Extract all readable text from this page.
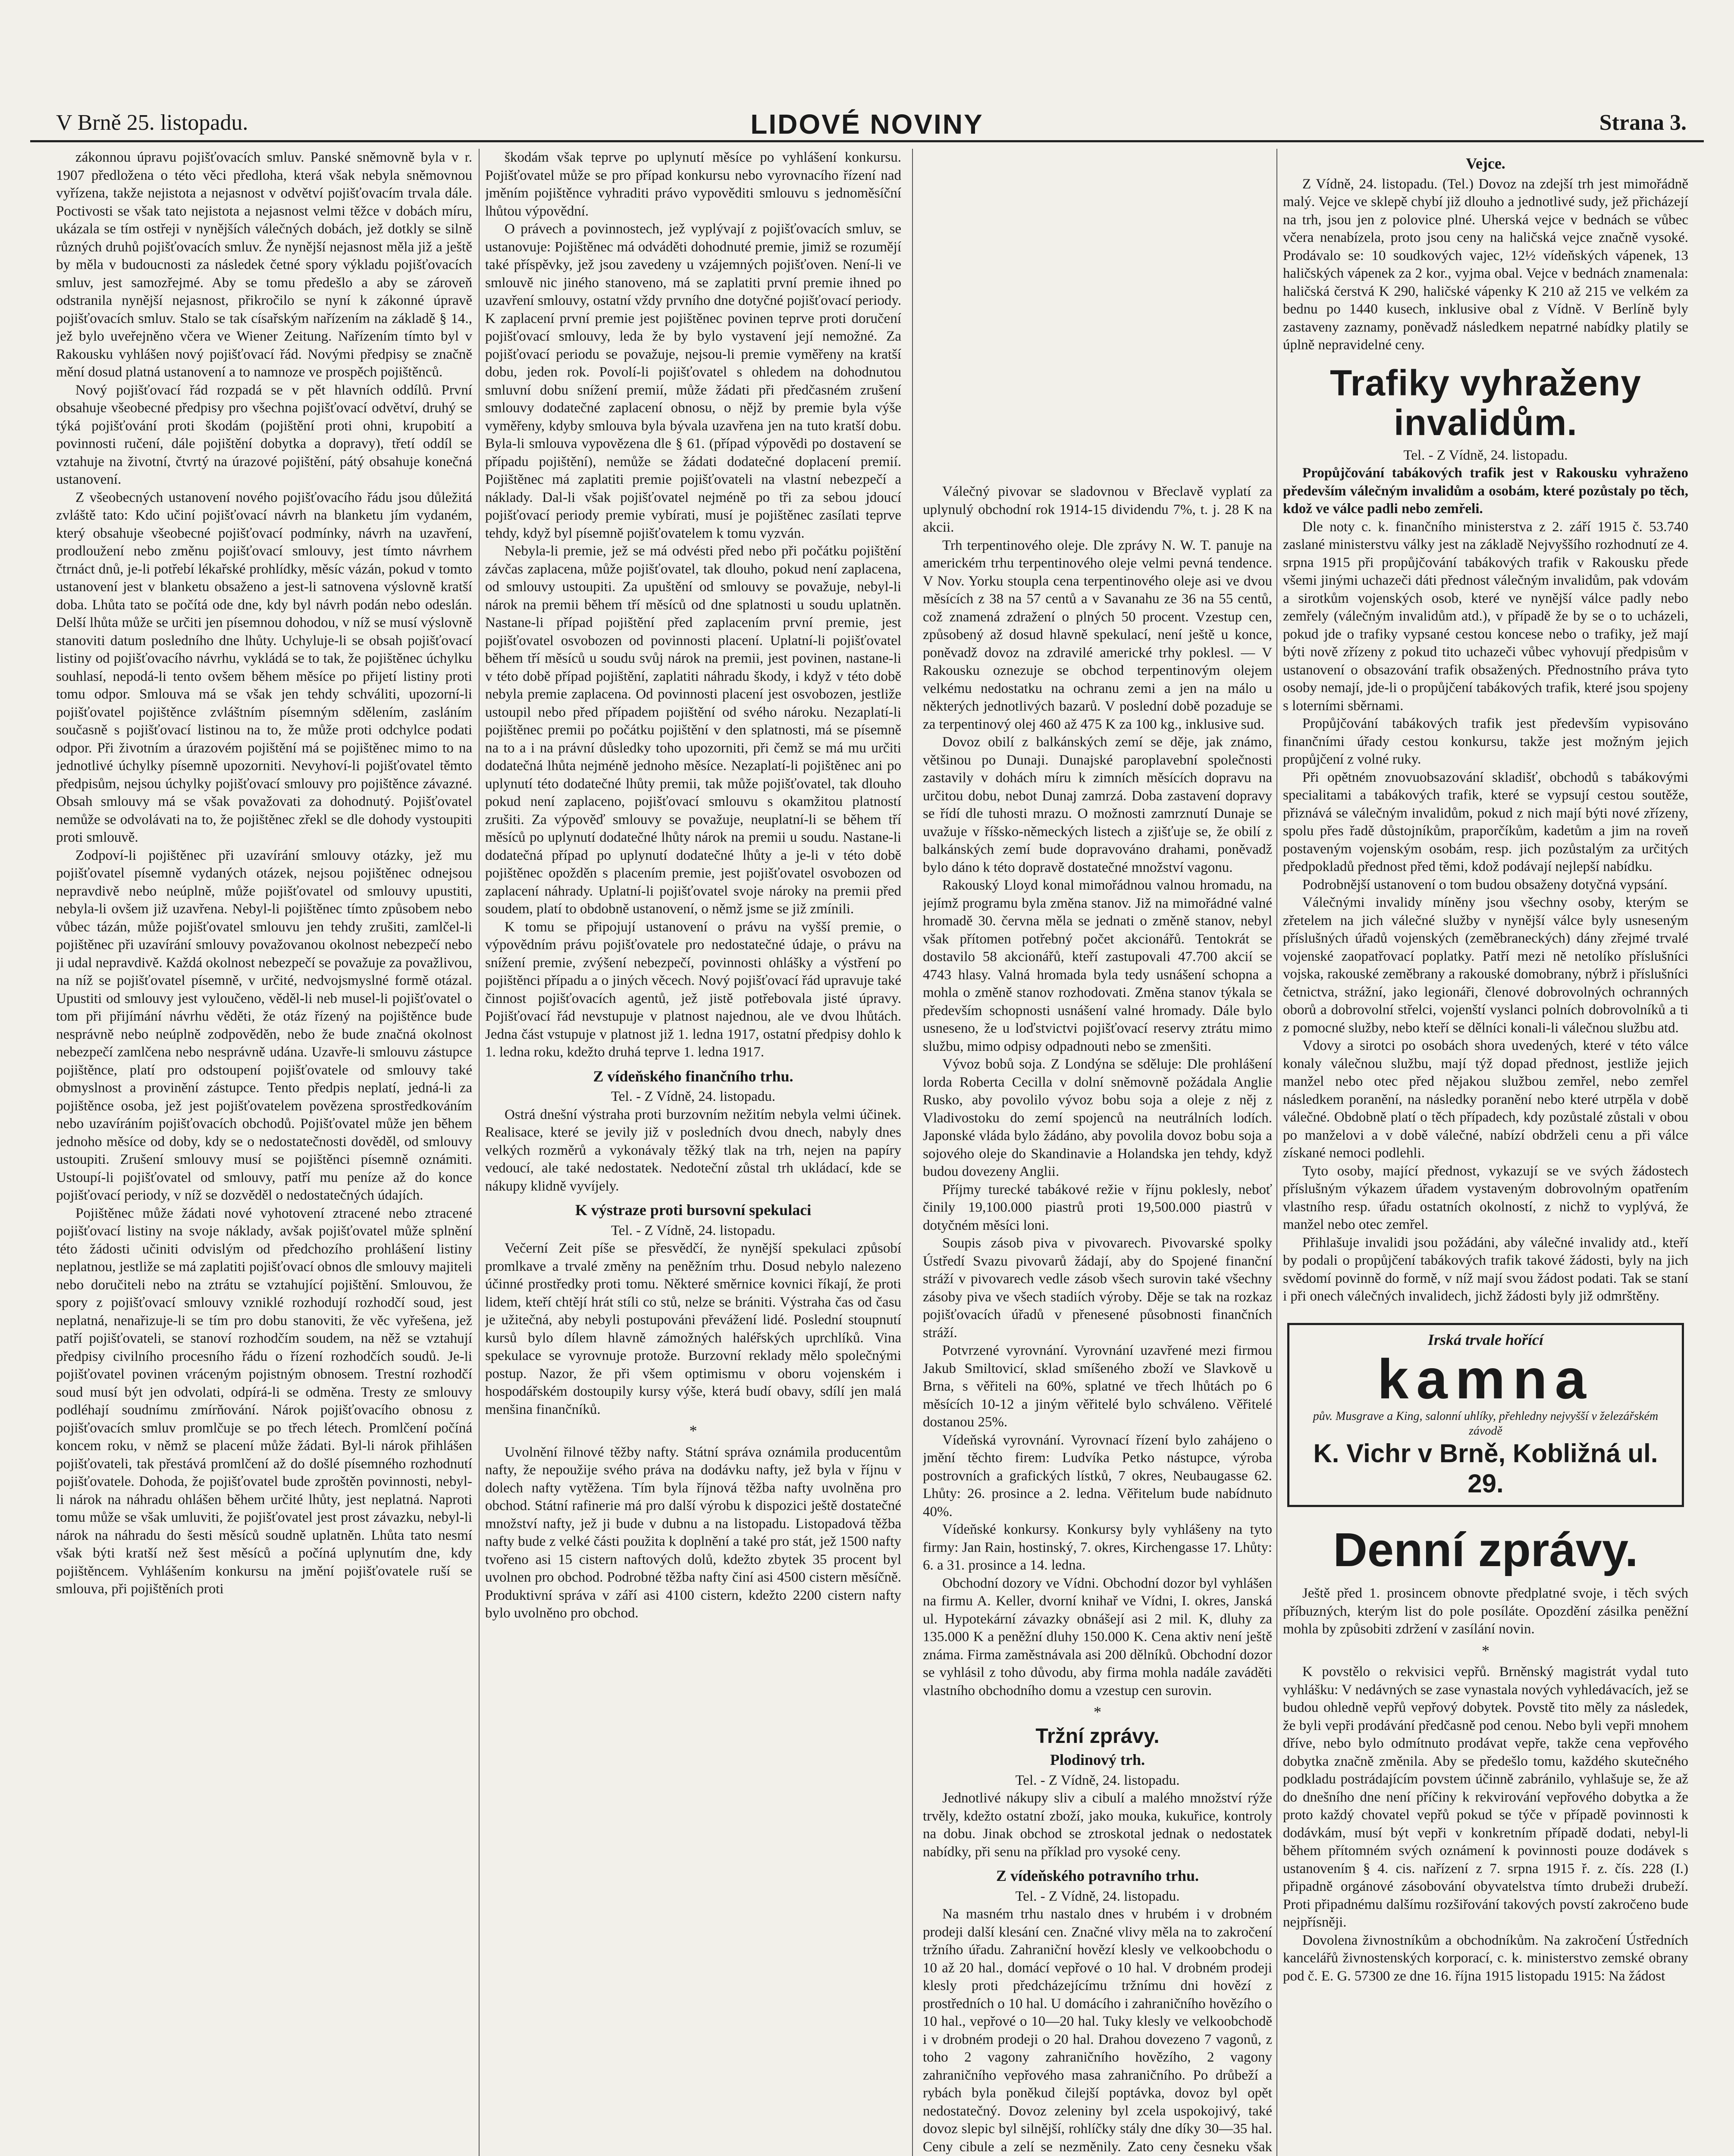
V Brně 25. listopadu.	LIDOVÉ NOVINY	Strana 3.

zákonnou úpravu pojišťovacích smluv. Panské sněmovně byla v r. 1907 předložena o této věci předloha, která však nebyla sněmovnou vyřízena, takže nejistota a nejasnost v odvětví pojišťovacím trvala dále. Poctivosti se však tato nejistota a nejasnost velmi těžce v dobách míru, ukázala se tím ostřeji v nynějších válečných dobách, jež dotkly se silně různých druhů pojišťovacích smluv. Že nynější nejasnost měla již a ještě by měla v budoucnosti za následek četné spory výkladu pojišťovacích smluv, jest samozřejmé. Aby se tomu předešlo a aby se zároveň odstranila nynější nejasnost, přikročilo se nyní k zákonné úpravě pojišťovacích smluv. Stalo se tak císařským nařízením na základě § 14., jež bylo uveřejněno včera ve Wiener Zeitung. Nařízením tímto byl v Rakousku vyhlášen nový pojišťovací řád. Novými předpisy se značně mění dosud platná ustanovení a to namnoze ve prospěch pojištěnců.

Nový pojišťovací řád rozpadá se v pět hlavních oddílů. První obsahuje všeobecné předpisy pro všechna pojišťovací odvětví, druhý se týká pojišťování proti škodám (pojištění proti ohni, krupobití a povinnosti ručení, dále pojištění dobytka a dopravy), třetí oddíl se vztahuje na životní, čtvrtý na úrazové pojištění, pátý obsahuje konečná ustanovení.

Z všeobecných ustanovení nového pojišťovacího řádu jsou důležitá zvláště tato: Kdo učiní pojišťovací návrh na blanketu jím vydaném, který obsahuje všeobecné pojišťovací podmínky, návrh na uzavření, prodloužení nebo změnu pojišťovací smlouvy, jest tímto návrhem čtrnáct dnů, je-li potřebí lékařské prohlídky, měsíc vázán, pokud v tomto ustanovení jest v blanketu obsaženo a jest-li satnovena výslovně kratší doba. Lhůta tato se počítá ode dne, kdy byl návrh podán nebo odeslán. Delší lhůta může se určiti jen písemnou dohodou, v níž se musí výslovně stanoviti datum posledního dne lhůty. Uchyluje-li se obsah pojišťovací listiny od pojišťovacího návrhu, vykládá se to tak, že pojištěnec úchylku souhlasí, nepodá-li tento ovšem během měsíce po přijetí listiny proti tomu odpor. Smlouva má se však jen tehdy schváliti, upozorní-li pojišťovatel pojištěnce zvláštním písemným sdělením, zasláním současně s pojišťovací listinou na to, že může proti odchylce podati odpor. Při životním a úrazovém pojištění má se pojištěnec mimo to na jednotlivé úchylky písemně upozorniti. Nevyhoví-li pojišťovatel těmto předpisům, nejsou úchylky pojišťovací smlouvy pro pojištěnce závazné. Obsah smlouvy má se však považovati za dohodnutý. Pojišťovatel nemůže se odvolávati na to, že pojištěnec zřekl se dle dohody vystoupiti proti smlouvě.

Zodpoví-li pojištěnec při uzavírání smlouvy otázky, jež mu pojišťovatel písemně vydaných otázek, nejsou pojištěnec odnejsou nepravdivě nebo neúplně, může pojišťovatel od smlouvy upustiti, nebyla-li ovšem již uzavřena. Nebyl-li pojištěnec tímto způsobem nebo vůbec tázán, může pojišťovatel smlouvu jen tehdy zrušiti, zamlčel-li pojištěnec při uzavírání smlouvy považovanou okolnost nebezpečí nebo ji udal nepravdivě. Každá okolnost nebezpečí se považuje za považlivou, na níž se pojišťovatel písemně, v určité, nedvojsmyslné formě otázal. Upustiti od smlouvy jest vyloučeno, věděl-li neb musel-li pojišťovatel o tom při přijímání návrhu věděti, že otáz řízený na pojištěnce bude nesprávně nebo neúplně zodpověděn, nebo že bude značná okolnost nebezpečí zamlčena nebo nesprávně udána. Uzavře-li smlouvu zástupce pojištěnce, platí pro odstoupení pojišťovatele od smlouvy také obmyslnost a provinění zástupce. Tento předpis neplatí, jedná-li za pojištěnce osoba, jež jest pojišťovatelem povězena sprostředkováním nebo uzavíráním pojišťovacích obchodů. Pojišťovatel může jen během jednoho měsíce od doby, kdy se o nedostatečnosti dověděl, od smlouvy ustoupiti. Zrušení smlouvy musí se pojištěnci písemně oznámiti. Ustoupí-li pojišťovatel od smlouvy, patří mu peníze až do konce pojišťovací periody, v níž se dozvěděl o nedostatečných údajích.

Pojištěnec může žádati nové vyhotovení ztracené nebo ztracené pojišťovací listiny na svoje náklady, avšak pojišťovatel může splnění této žádosti učiniti odvislým od předchozího prohlášení listiny neplatnou, jestliže se má zaplatiti pojišťovací obnos dle smlouvy majiteli nebo doručiteli nebo na ztrátu se vztahující pojištění. Smlouvou, že spory z pojišťovací smlouvy vzniklé rozhodují rozhodčí soud, jest neplatná, nenařizuje-li se tím pro dobu stanoviti, že věc vyřešena, jež patří pojišťovateli, se stanoví rozhodčím soudem, na něž se vztahují předpisy civilního procesního řádu o řízení rozhodčích soudů. Je-li pojišťovatel povinen vráceným pojistným obnosem. Trestní rozhodčí soud musí být jen odvolati, odpírá-li se odměna. Tresty ze smlouvy podléhají soudnímu zmírňování. Nárok pojišťovacího obnosu z pojišťovacích smluv promlčuje se po třech létech. Promlčení počíná koncem roku, v němž se placení může žádati. Byl-li nárok přihlášen pojišťovateli, tak přestává promlčení až do došlé písemného rozhodnutí pojišťovatele. Dohoda, že pojišťovatel bude zproštěn povinnosti, nebyl-li nárok na náhradu ohlášen během určité lhůty, jest neplatná. Naproti tomu může se však umluviti, že pojišťovatel jest prost závazku, nebyl-li nárok na náhradu do šesti měsíců soudně uplatněn. Lhůta tato nesmí však býti kratší než šest měsíců a počíná uplynutím dne, kdy pojištěncem. Vyhlášením konkursu na jmění pojišťovatele ruší se smlouva, při pojištěních proti

škodám však teprve po uplynutí měsíce po vyhlášení konkursu. Pojišťovatel může se pro případ konkursu nebo vyrovnacího řízení nad jměním pojištěnce vyhraditi právo vypověditi smlouvu s jednoměsíční lhůtou výpovědní.

O právech a povinnostech, jež vyplývají z pojišťovacích smluv, se ustanovuje: Pojištěnec má odváděti dohodnuté premie, jimiž se rozumějí také příspěvky, jež jsou zavedeny u vzájemných pojišťoven. Není-li ve smlouvě nic jiného stanoveno, má se zaplatiti první premie ihned po uzavření smlouvy, ostatní vždy prvního dne dotyčné pojišťovací periody. K zaplacení první premie jest pojištěnec povinen teprve proti doručení pojišťovací smlouvy, leda že by bylo vystavení její nemožné. Za pojišťovací periodu se považuje, nejsou-li premie vyměřeny na kratší dobu, jeden rok. Povolí-li pojišťovatel s ohledem na dohodnutou smluvní dobu snížení premií, může žádati při předčasném zrušení smlouvy dodatečné zaplacení obnosu, o nějž by premie byla výše vyměřeny, kdyby smlouva byla bývala uzavřena jen na tuto kratší dobu. Byla-li smlouva vypovězena dle § 61. (případ výpovědi po dostavení se případu pojištění), nemůže se žádati dodatečné doplacení premií. Pojištěnec má zaplatiti premie pojišťovateli na vlastní nebezpečí a náklady. Dal-li však pojišťovatel nejméně po tři za sebou jdoucí pojišťovací periody premie vybírati, musí je pojištěnec zasílati teprve tehdy, když byl písemně pojišťovatelem k tomu vyzván.

Nebyla-li premie, jež se má odvésti před nebo při počátku pojištění závčas zaplacena, může pojišťovatel, tak dlouho, pokud není zaplacena, od smlouvy ustoupiti. Za upuštění od smlouvy se považuje, nebyl-li nárok na premii během tří měsíců od dne splatnosti u soudu uplatněn. Nastane-li případ pojištění před zaplacením první premie, jest pojišťovatel osvobozen od povinnosti placení. Uplatní-li pojišťovatel během tří měsíců u soudu svůj nárok na premii, jest povinen, nastane-li v této době případ pojištění, zaplatiti náhradu škody, i když v této době nebyla premie zaplacena. Od povinnosti placení jest osvobozen, jestliže ustoupil nebo před případem pojištění od svého nároku. Nezaplatí-li pojištěnec premii po počátku pojištění v den splatnosti, má se písemně na to a i na právní důsledky toho upozorniti, při čemž se má mu určiti dodatečná lhůta nejméně jednoho měsíce. Nezaplatí-li pojištěnec ani po uplynutí této dodatečné lhůty premii, tak může pojišťovatel, tak dlouho pokud není zaplaceno, pojišťovací smlouvu s okamžitou platností zrušiti. Za výpověď smlouvy se považuje, neuplatní-li se během tří měsíců po uplynutí dodatečné lhůty nárok na premii u soudu. Nastane-li dodatečná případ po uplynutí dodatečné lhůty a je-li v této době pojištěnec opožděn s placením premie, jest pojišťovatel osvobozen od zaplacení náhrady. Uplatní-li pojišťovatel svoje nároky na premii před soudem, platí to obdobně ustanovení, o němž jsme se již zmínili.

K tomu se připojují ustanovení o právu na vyšší premie, o výpovědním právu pojišťovatele pro nedostatečné údaje, o právu na snížení premie, zvýšení nebezpečí, povinnosti ohlášky a výstření po pojištěnci případu a o jiných věcech. Nový pojišťovací řád upravuje také činnost pojišťovacích agentů, jež jistě potřebovala jisté úpravy. Pojišťovací řád nevstupuje v platnost najednou, ale ve dvou lhůtách. Jedna část vstupuje v platnost již 1. ledna 1917, ostatní předpisy dohlo k 1. ledna roku, kdežto druhá teprve 1. ledna 1917.

Z vídeňského finančního trhu.

Tel. - Z Vídně, 24. listopadu.

Ostrá dnešní výstraha proti burzovním nežitím nebyla velmi účinek. Realisace, které se jevily již v posledních dvou dnech, nabyly dnes velkých rozměrů a vykonávaly těžký tlak na trh, nejen na papíry vedoucí, ale také nedostatek. Nedoteční zůstal trh ukládací, kde se nákupy klidně vyvíjely.

K výstraze proti bursovní spekulaci

Tel. - Z Vídně, 24. listopadu.

Večerní Zeit píše se přesvědčí, že nynější spekulaci způsobí promlkave a trvalé změny na peněžním trhu. Dosud nebylo nalezeno účinné prostředky proti tomu. Některé směrnice kovnici říkají, že proti lidem, kteří chtějí hrát stíli co stů, nelze se brániti. Výstraha čas od času je užitečná, aby nebyli postupováni převážení lidé. Poslední stoupnutí kursů bylo dílem hlavně zámožných haléřských uprchlíků. Vina spekulace se vyrovnuje protože. Burzovní reklady mělo společnými postup. Nazor, že při všem optimismu v oboru vojenském i hospodářském dostoupily kursy výše, která budí obavy, sdílí jen malá menšina finančníků.

*

Uvolnění řilnové těžby nafty. Státní správa oznámila producentům nafty, že nepoužije svého práva na dodávku nafty, jež byla v říjnu v dolech nafty vytěžena. Tím byla říjnová těžba nafty uvolněna pro obchod. Státní rafinerie má pro další výrobu k dispozici ještě dostatečné množství nafty, jež ji bude v dubnu a na listopadu. Listopadová těžba nafty bude z velké části použita k doplnění a také pro stát, jež 1500 nafty tvořeno asi 15 cistern naftových dolů, kdežto zbytek 35 procent byl uvolnen pro obchod. Podrobné těžba nafty činí asi 4500 cistern měsíčně. Produktivní správa v září asi 4100 cistern, kdežto 2200 cistern nafty bylo uvolněno pro obchod.

Válečný pivovar se sladovnou v Břeclavě vyplatí za uplynulý obchodní rok 1914-15 dividendu 7%, t. j. 28 K na akcii.

Trh terpentinového oleje. Dle zprávy N. W. T. panuje na americkém trhu terpentinového oleje velmi pevná tendence. V Nov. Yorku stoupla cena terpentinového oleje asi ve dvou měsících z 38 na 57 centů a v Savanahu ze 36 na 55 centů, což znamená zdražení o plných 50 procent. Vzestup cen, způsobený až dosud hlavně spekulací, není ještě u konce, poněvadž dovoz na zdravilé americké trhy poklesl. — V Rakousku oznezuje se obchod terpentinovým olejem velkému nedostatku na ochranu zemi a jen na málo u některých jednotlivých bazarů. V poslední době pozaduje se za terpentinový olej 460 až 475 K za 100 kg., inklusive sud.

Dovoz obilí z balkánských zemí se děje, jak známo, většinou po Dunaji. Dunajské paroplavební společnosti zastavily v dohách míru k zimních měsících dopravu na určitou dobu, nebot Dunaj zamrzá. Doba zastavení dopravy se řídí dle tuhosti mrazu. O možnosti zamrznutí Dunaje se uvažuje v říšsko-německých listech a zjišťuje se, že obilí z balkánských zemí bude dopravováno drahami, poněvadž bylo dáno k této dopravě dostatečné množství vagonu.

Rakouský Lloyd konal mimořádnou valnou hromadu, na jejímž programu byla změna stanov. Již na mimořádné valné hromadě 30. června měla se jednati o změně stanov, nebyl však přítomen potřebný počet akcionářů. Tentokrát se dostavilo 58 akcionářů, kteří zastupovali 47.700 akcií se 4743 hlasy. Valná hromada byla tedy usnášení schopna a mohla o změně stanov rozhodovati. Změna stanov týkala se především schopnosti usnášení valné hromady. Dále bylo usneseno, že u loďstvictvi pojišťovací reservy ztrátu mimo službu, mimo odpisy odpadnouti nebo se zmenšiti.

Vývoz bobů soja. Z Londýna se sděluje: Dle prohlášení lorda Roberta Cecilla v dolní sněmovně požádala Anglie Rusko, aby povolilo vývoz bobu soja a oleje z něj z Vladivostoku do zemí spojenců na neutrálních lodích. Japonské vláda bylo žádáno, aby povolila dovoz bobu soja a sojového oleje do Skandinavie a Holandska jen tehdy, když budou dovezeny Anglii.

Příjmy turecké tabákové režie v říjnu poklesly, neboť činily 19,100.000 piastrů proti 19,500.000 piastrů v dotyčném měsíci loni.

Soupis zásob piva v pivovarech. Pivovarské spolky Ústředí Svazu pivovarů žádají, aby do Spojené finanční stráží v pivovarech vedle zásob všech surovin také všechny zásoby piva ve všech stadiích výroby. Děje se tak na rozkaz pojišťovacích úřadů v přenesené působnosti finančních stráží.

Potvrzené vyrovnání. Vyrovnání uzavřené mezi firmou Jakub Smiltovicí, sklad smíšeného zboží ve Slavkově u Brna, s věřiteli na 60%, splatné ve třech lhůtách po 6 měsících 10-12 a jiným věřitelé bylo schváleno. Věřitelé dostanou 25%.

Vídeňská vyrovnání. Vyrovnací řízení bylo zahájeno o jmění těchto firem: Ludvíka Petko nástupce, výroba postrovních a grafických lístků, 7 okres, Neubaugasse 62. Lhůty: 26. prosince a 2. ledna. Věřitelum bude nabídnuto 40%.

Vídeňské konkursy. Konkursy byly vyhlášeny na tyto firmy: Jan Rain, hostinský, 7. okres, Kirchengasse 17. Lhůty: 6. a 31. prosince a 14. ledna.

Obchodní dozory ve Vídni. Obchodní dozor byl vyhlášen na firmu A. Keller, dvorní knihař ve Vídni, I. okres, Janská ul. Hypotekární závazky obnášejí asi 2 mil. K, dluhy za 135.000 K a peněžní dluhy 150.000 K. Cena aktiv není ještě známa. Firma zaměstnávala asi 200 dělníků. Obchodní dozor se vyhlásil z toho důvodu, aby firma mohla nadále zaváděti vlastního obchodního domu a vzestup cen surovin.

*

Tržní zprávy.

Plodinový trh.

Tel. - Z Vídně, 24. listopadu.

Jednotlivé nákupy sliv a cibulí a malého množství rýže trvěly, kdežto ostatní zboží, jako mouka, kukuřice, kontroly na dobu. Jinak obchod se ztroskotal jednak o nedostatek nabídky, při senu na příklad pro vysoké ceny.

Z vídeňského potravního trhu.

Tel. - Z Vídně, 24. listopadu.

Na masném trhu nastalo dnes v hrubém i v drobném prodeji další klesání cen. Značné vlivy měla na to zakročení tržního úřadu. Zahraniční hovězí klesly ve velkoobchodu o 10 až 20 hal., domácí vepřové o 10 hal. V drobném prodeji klesly proti předcházejícímu tržnímu dni hovězí z prostředních o 10 hal. U domácího i zahraničního hovězího o 10 hal., vepřové o 10—20 hal. Tuky klesly ve velkoobchodě i v drobném prodeji o 20 hal. Drahou dovezeno 7 vagonů, z toho 2 vagony zahraničního hovězího, 2 vagony zahraničního vepřového masa zahraničního. Po drůbeží a rybách byla poněkud čilejší poptávka, dovoz byl opět nedostatečný. Dovoz zeleniny byl zcela uspokojivý, také dovoz slepic byl silnější, rohlíčky stály dne díky 30—35 hal. Ceny cibule a zelí se nezměnily. Zato ceny česneku však

Vejce.

Z Vídně, 24. listopadu. (Tel.) Dovoz na zdejší trh jest mimořádně malý. Vejce ve sklepě chybí již dlouho a jednotlivé sudy, jež přicházejí na trh, jsou jen z polovice plné. Uherská vejce v bednách se vůbec včera nenabízela, proto jsou ceny na haličská vejce značně vysoké. Prodávalo se: 10 soudkových vajec, 12½ vídeňských vápenek, 13 haličských vápenek za 2 kor., vyjma obal. Vejce v bednách znamenala: haličská čerstvá K 290, haličské vápenky K 210 až 215 ve velkém za bednu po 1440 kusech, inklusive obal z Vídně. V Berlíně byly zastaveny zaznamy, poněvadž následkem nepatrné nabídky platily se úplně nepravidelné ceny.

Trafiky vyhraženy invalidům.

Tel. - Z Vídně, 24. listopadu.

Propůjčování tabákových trafik jest v Rakousku vyhraženo především válečným invalidům a osobám, které pozůstaly po těch, kdož ve válce padli nebo zemřeli.

Dle noty c. k. finančního ministerstva z 2. září 1915 č. 53.740 zaslané ministerstvu války jest na základě Nejvyššího rozhodnutí ze 4. srpna 1915 při propůjčování tabákových trafik v Rakousku přede všemi jinými uchazeči dáti přednost válečným invalidům, pak vdovám a sirotkům vojenských osob, které ve nynější válce padly nebo zemřely (válečným invalidům atd.), v případě že by se o to ucházeli, pokud jde o trafiky vypsané cestou koncese nebo o trafiky, jež mají býti nově zřízeny z pokud tito uchazeči vůbec vyhovují předpisům v ustanovení o obsazování trafik obsažených. Přednostního práva tyto osoby nemají, jde-li o propůjčení tabákových trafik, které jsou spojeny s loterními sběrnami.

Propůjčování tabákových trafik jest především vypisováno finančními úřady cestou konkursu, takže jest možným jejich propůjčení z volné ruky.

Při opětném znovuobsazování skladišť, obchodů s tabákovými specialitami a tabákových trafik, které se vypsují cestou soutěže, přiznává se válečným invalidům, pokud z nich mají býti nové zřízeny, spolu přes řadě důstojníkům, praporčíkům, kadetům a jim na roveň postaveným vojenským osobám, resp. jich pozůstalým za určitých předpokladů přednost před těmi, kdož podávají nejlepší nabídku.

Podrobnější ustanovení o tom budou obsaženy dotyčná vypsání.

Válečnými invalidy míněny jsou všechny osoby, kterým se zřetelem na jich válečné služby v nynější válce byly usneseným příslušných úřadů vojenských (zeměbraneckých) dány zřejmé trvalé vojenské zaopatřovací poplatky. Patří mezi ně netolíko příslušníci vojska, rakouské zeměbrany a rakouské domobrany, nýbrž i příslušníci četnictva, strážní, jako legionáři, členové dobrovolných ochranných oborů a dobrovolní střelci, vojenští vyslanci polních dobrovolníků a ti z pomocné služby, nebo kteří se dělníci konali-li válečnou službu atd.

Vdovy a sirotci po osobách shora uvedených, které v této válce konaly válečnou službu, mají týž dopad přednost, jestliže jejich manžel nebo otec před nějakou službou zemřel, nebo zemřel následkem poranění, na následky poranění nebo které utrpěla v době válečné. Obdobně platí o těch případech, kdy pozůstalé zůstali v obou po manželovi a v době válečné, nabízí obdrželi cenu a při válce získané nemoci podlehli.

Tyto osoby, mající přednost, vykazují se ve svých žádostech příslušným výkazem úřadem vystaveným dobrovolným opatřením vlastního resp. úřadu ostatních okolností, z nichž to vyplývá, že manžel nebo otec zemřel.

Přihlašuje invalidi jsou požádáni, aby válečné invalidy atd., kteří by podali o propůjčení tabákových trafik takové žádosti, byly na jich svědomí povinně do formě, v níž mají svou žádost podati. Tak se staní i při onech válečných invalidech, jichž žádosti byly již odmrštěny.

Irská trvale hořící
kamna
pův. Musgrave a King, salonní uhlíky, přehledny nejvyšší v železářském závodě
K. Vichr v Brně, Kobližná ul. 29.

Denní zprávy.

Ještě před 1. prosincem obnovte předplatné svoje, i těch svých příbuzných, kterým list do pole posíláte. Opozdění zásilka peněžní mohla by způsobiti zdržení v zasílání novin.

*

K povstělo o rekvisici vepřů. Brněnský magistrát vydal tuto vyhlášku: V nedávných se zase vynastala nových vyhledávacích, jež se budou ohledně vepřů vepřový dobytek. Povstě tito měly za následek, že byli vepři prodávání předčasně pod cenou. Nebo byli vepři mnohem dříve, nebo bylo odmítnuto prodávat vepře, takže cena vepřového dobytka značně změnila. Aby se předešlo tomu, každého skutečného podkladu postrádajícím povstem účinně zabránilo, vyhlašuje se, že až do dnešního dne není příčiny k rekvirování vepřového dobytka a že proto každý chovatel vepřů pokud se týče v případě povinnosti k dodávkám, musí být vepři v konkretním případě dodati, nebyl-li během přítomném svých oznámení k povinnosti pouze dodávek s ustanovením § 4. cis. nařízení z 7. srpna 1915 ř. z. čís. 228 (I.) připadně orgánové zásobování obyvatelstva tímto drubeži drubeží. Proti připadnému dalšímu rozšiřování takových povstí zakročeno bude nejpřísněji.

Dovolena živnostníkům a obchodníkům. Na zakročení Ústředních kancelářů živnostenských korporací, c. k. ministerstvo zemské obrany pod č. E. G. 57300 ze dne 16. října 1915 listopadu 1915: Na žádost
